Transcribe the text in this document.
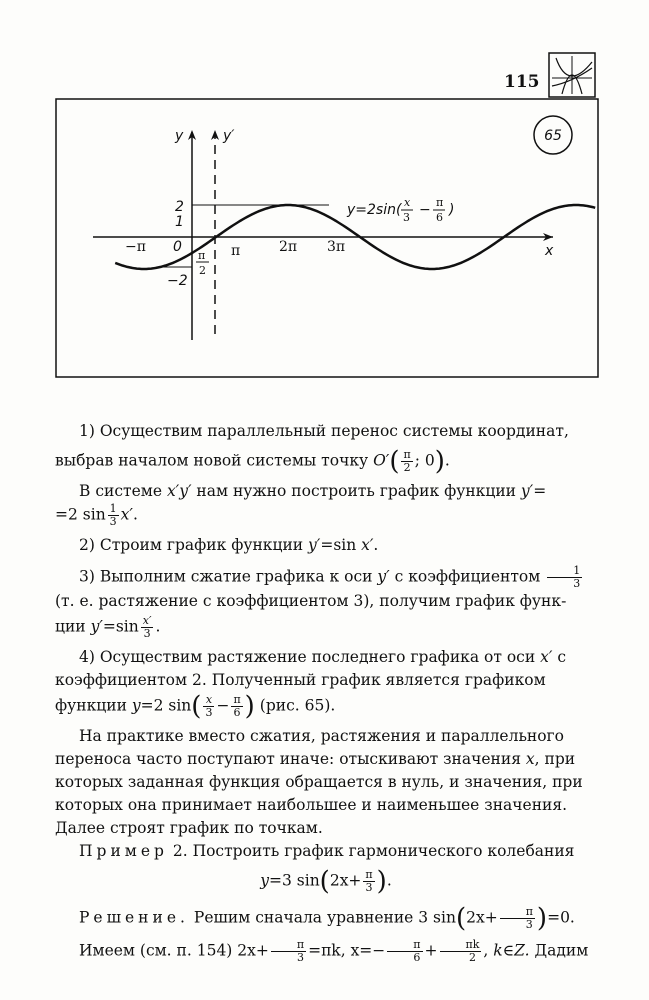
115
65
y	y′
x
−π 0	π	2π 3π
2
1
−2
π
2
y=2sin( x
3 − π
6 )
1) Осуществим параллельный перенос системы координат,
выбрав началом новой системы точку $O'( \frac{\pi}{2}$ ; 0).
В системе x′y′ нам нужно построить график функции y′=
=2 $\sin \frac{1}{3} x'$.
2) Строим график функции y′=sin x′.
3) Выполним сжатие графика к оси y′ с коэффициентом $\frac{1}{3}$
(т. е. растяжение с коэффициентом 3), получим график функ-
ции $y'=\sin \frac{x'}{3}$ .
4) Осуществим растяжение последнего графика от оси x′ с
коэффициентом 2. Полученный график является графиком
функции y=2 $\sin( \frac{x}{3} - \frac{\pi}{6}$ ) (рис. 65).
На практике вместо сжатия, растяжения и параллельного
переноса часто поступают иначе: отыскивают значения x, при
которых заданная функция обращается в нуль, и значения, при
которых она принимает наибольшее и наименьшее значения.
Далее строят график по точкам.
Пример 2. Построить график гармонического колебания
y=3 $\sin(2x+ \frac{\pi}{3}$ ).
Решение. Решим сначала уравнение 3 $\sin(2x+ \frac{\pi}{3} )=0$.
Имеем (см. п. 154) $2x+ \frac{\pi}{3} =\pi k$, $x=- \frac{\pi}{6} + \frac{\pi k}{2}$ , k∈Z. Дадим
